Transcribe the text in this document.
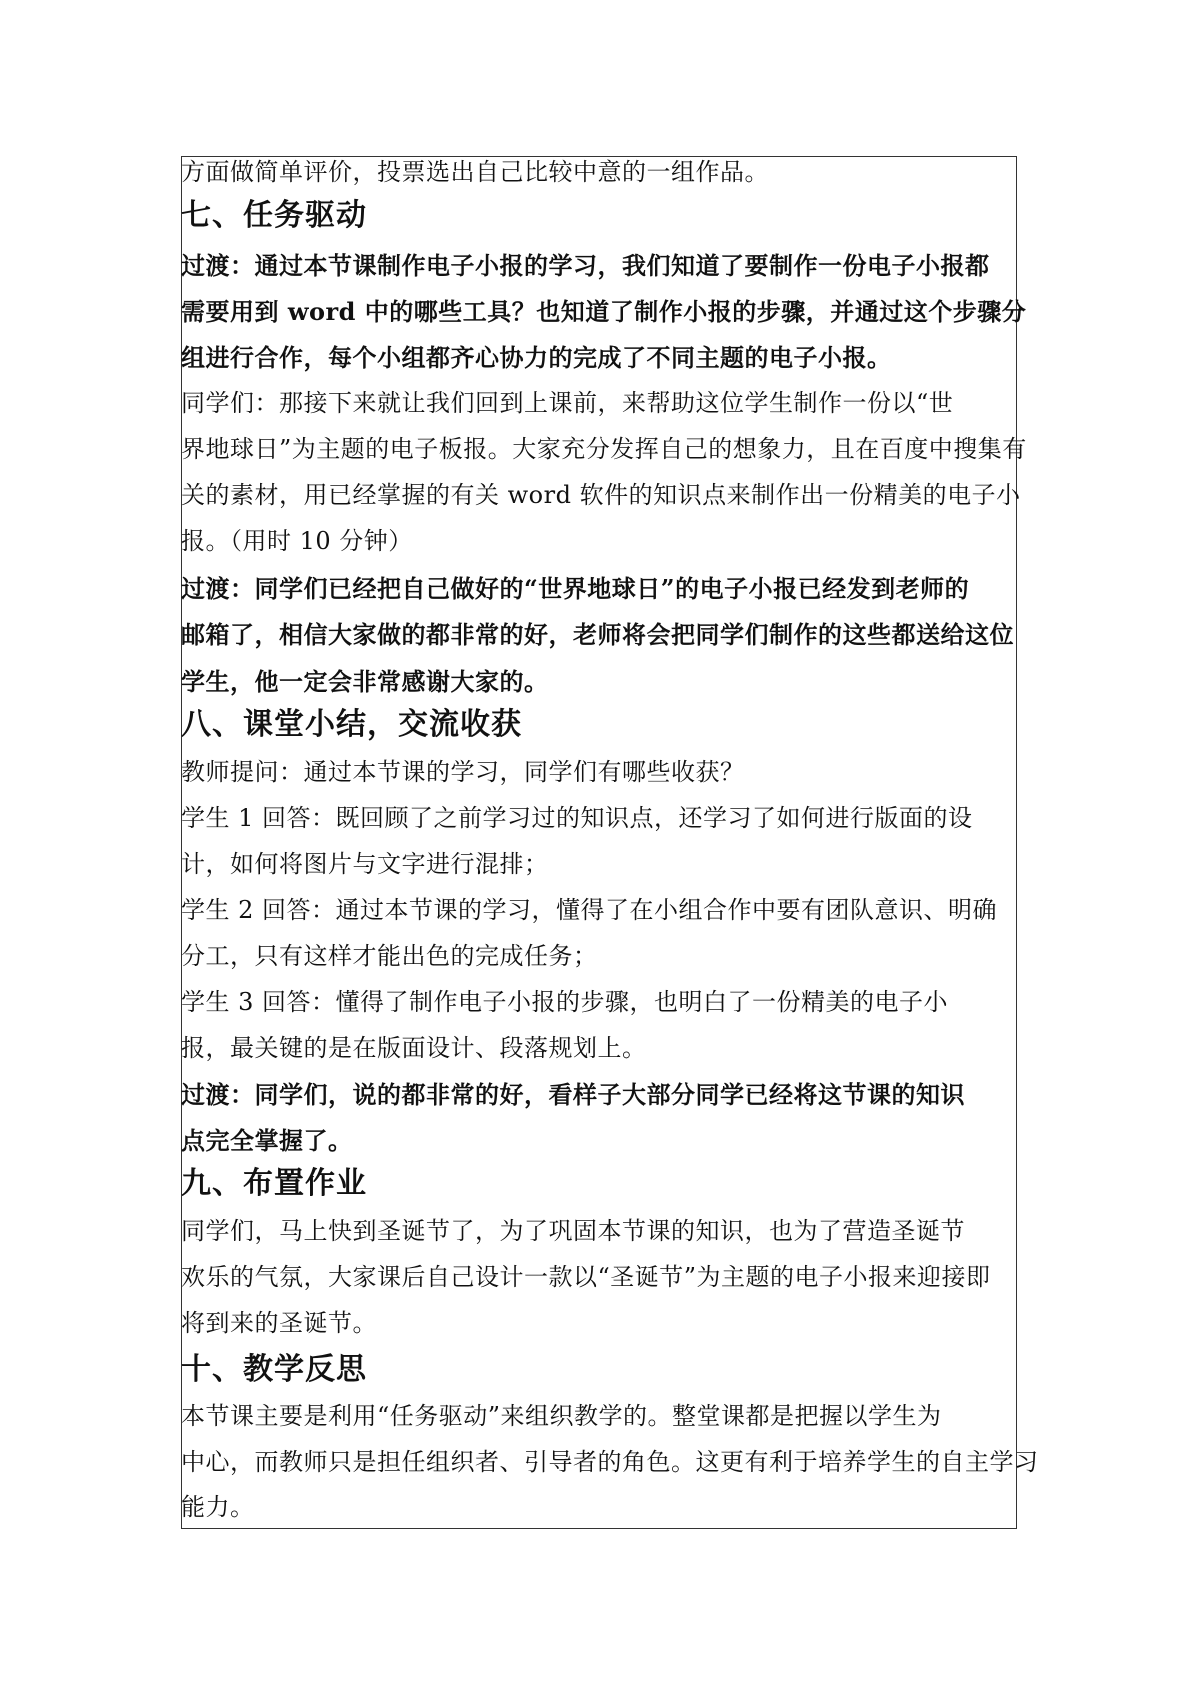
方面做简单评价，投票选出自己比较中意的一组作品。
七、任务驱动
过渡：通过本节课制作电子小报的学习，我们知道了要制作一份电子小报都
需要用到 word 中的哪些工具？也知道了制作小报的步骤，并通过这个步骤分
组进行合作，每个小组都齐心协力的完成了不同主题的电子小报。
同学们：那接下来就让我们回到上课前，来帮助这位学生制作一份以“世
界地球日”为主题的电子板报。大家充分发挥自己的想象力，且在百度中搜集有
关的素材，用已经掌握的有关 word 软件的知识点来制作出一份精美的电子小
报。（用时 10 分钟）
过渡：同学们已经把自己做好的“世界地球日”的电子小报已经发到老师的
邮箱了，相信大家做的都非常的好，老师将会把同学们制作的这些都送给这位
学生，他一定会非常感谢大家的。
八、课堂小结，交流收获
教师提问：通过本节课的学习，同学们有哪些收获？
学生 1 回答：既回顾了之前学习过的知识点，还学习了如何进行版面的设
计，如何将图片与文字进行混排；
学生 2 回答：通过本节课的学习，懂得了在小组合作中要有团队意识、明确
分工，只有这样才能出色的完成任务；
学生 3 回答：懂得了制作电子小报的步骤，也明白了一份精美的电子小
报，最关键的是在版面设计、段落规划上。
过渡：同学们，说的都非常的好，看样子大部分同学已经将这节课的知识
点完全掌握了。
九、布置作业
同学们，马上快到圣诞节了，为了巩固本节课的知识，也为了营造圣诞节
欢乐的气氛，大家课后自己设计一款以“圣诞节”为主题的电子小报来迎接即
将到来的圣诞节。
十、教学反思
本节课主要是利用“任务驱动”来组织教学的。整堂课都是把握以学生为
中心，而教师只是担任组织者、引导者的角色。这更有利于培养学生的自主学习
能力。
